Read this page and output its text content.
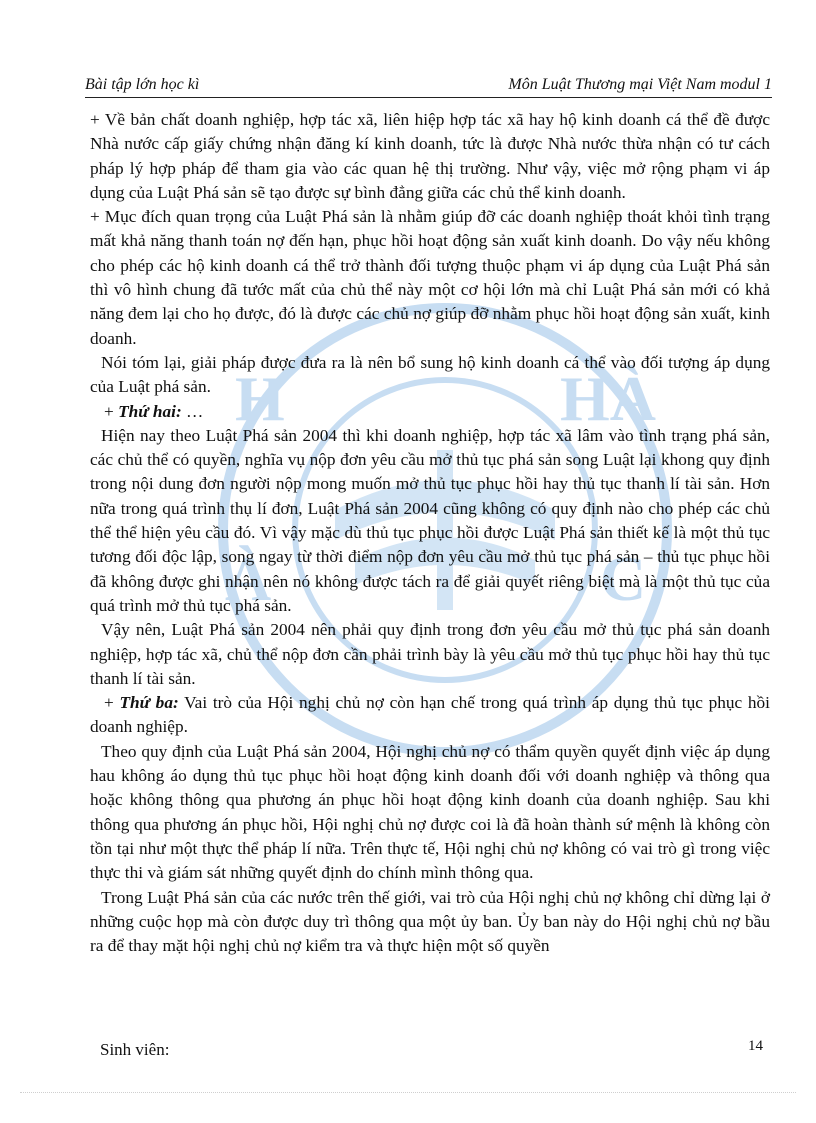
H	HÀ
À	C
Bài tập lớn học kì	Môn Luật Thương mại Việt Nam modul 1

+ Về bản chất doanh nghiệp, hợp tác xã, liên hiệp hợp tác xã hay hộ kinh doanh cá thể đề được Nhà nước cấp giấy chứng nhận đăng kí kinh doanh, tức là được Nhà nước thừa nhận có tư cách pháp lý hợp pháp để tham gia vào các quan hệ thị trường. Như vậy, việc mở rộng phạm vi áp dụng của Luật Phá sản sẽ tạo được sự bình đẳng giữa các chủ thể kinh doanh.

+ Mục đích quan trọng của Luật Phá sản là nhằm giúp đỡ các doanh nghiệp thoát khỏi tình trạng mất khả năng thanh toán nợ đến hạn, phục hồi hoạt động sản xuất kinh doanh. Do vậy nếu không cho phép các hộ kinh doanh cá thể trở thành đối tượng thuộc phạm vi áp dụng của Luật Phá sản thì vô hình chung đã tước mất của chủ thể này một cơ hội lớn mà chỉ Luật Phá sản mới có khả năng đem lại cho họ được, đó là được các chủ nợ giúp đỡ nhằm phục hồi hoạt động sản xuất, kinh doanh.

Nói tóm lại, giải pháp được đưa ra là nên bổ sung hộ kinh doanh cá thể vào đối tượng áp dụng của Luật phá sản.

+ Thứ hai: …

Hiện nay theo Luật Phá sản 2004 thì khi doanh nghiệp, hợp tác xã lâm vào tình trạng phá sản, các chủ thể có quyền, nghĩa vụ nộp đơn yêu cầu mở thủ tục phá sản song Luật lại khong quy định trong nội dung đơn người nộp mong muốn mở thủ tục phục hồi hay thủ tục thanh lí tài sản. Hơn nữa trong quá trình thụ lí đơn, Luật Phá sản 2004 cũng không có quy định nào cho phép các chủ thể thể hiện yêu cầu đó. Vì vậy mặc dù thủ tục phục hồi được Luật Phá sản thiết kế là một thủ tục tương đối độc lập, song ngay từ thời điểm nộp đơn yêu cầu mở thủ tục phá sản – thủ tục phục hồi đã không được ghi nhận nên nó không được tách ra để giải quyết riêng biệt mà là một thủ tục của quá trình mở thủ tục phá sản.

Vậy nên, Luật Phá sản 2004 nên phải quy định trong đơn yêu cầu mở thủ tục phá sản doanh nghiệp, hợp tác xã, chủ thể nộp đơn cần phải trình bày là yêu cầu mở thủ tục phục hồi hay thủ tục thanh lí tài sản.

+ Thứ ba: Vai trò của Hội nghị chủ nợ còn hạn chế trong quá trình áp dụng thủ tục phục hồi doanh nghiệp.

Theo quy định của Luật Phá sản 2004, Hội nghị chủ nợ có thẩm quyền quyết định việc áp dụng hau không áo dụng thủ tục phục hồi hoạt động kinh doanh đối với doanh nghiệp và thông qua hoặc không thông qua phương án phục hồi hoạt động kinh doanh của doanh nghiệp. Sau khi thông qua phương án phục hồi, Hội nghị chủ nợ được coi là đã hoàn thành sứ mệnh là không còn tồn tại như một thực thể pháp lí nữa. Trên thực tế, Hội nghị chủ nợ không có vai trò gì trong việc thực thi và giám sát những quyết định do chính mình thông qua.

Trong Luật Phá sản của các nước trên thế giới, vai trò của Hội nghị chủ nợ không chỉ dừng lại ở những cuộc họp mà còn được duy trì thông qua một ủy ban. Ủy ban này do Hội nghị chủ nợ bầu ra để thay mặt hội nghị chủ nợ kiểm tra và thực hiện một số quyền

Sinh viên:	14
